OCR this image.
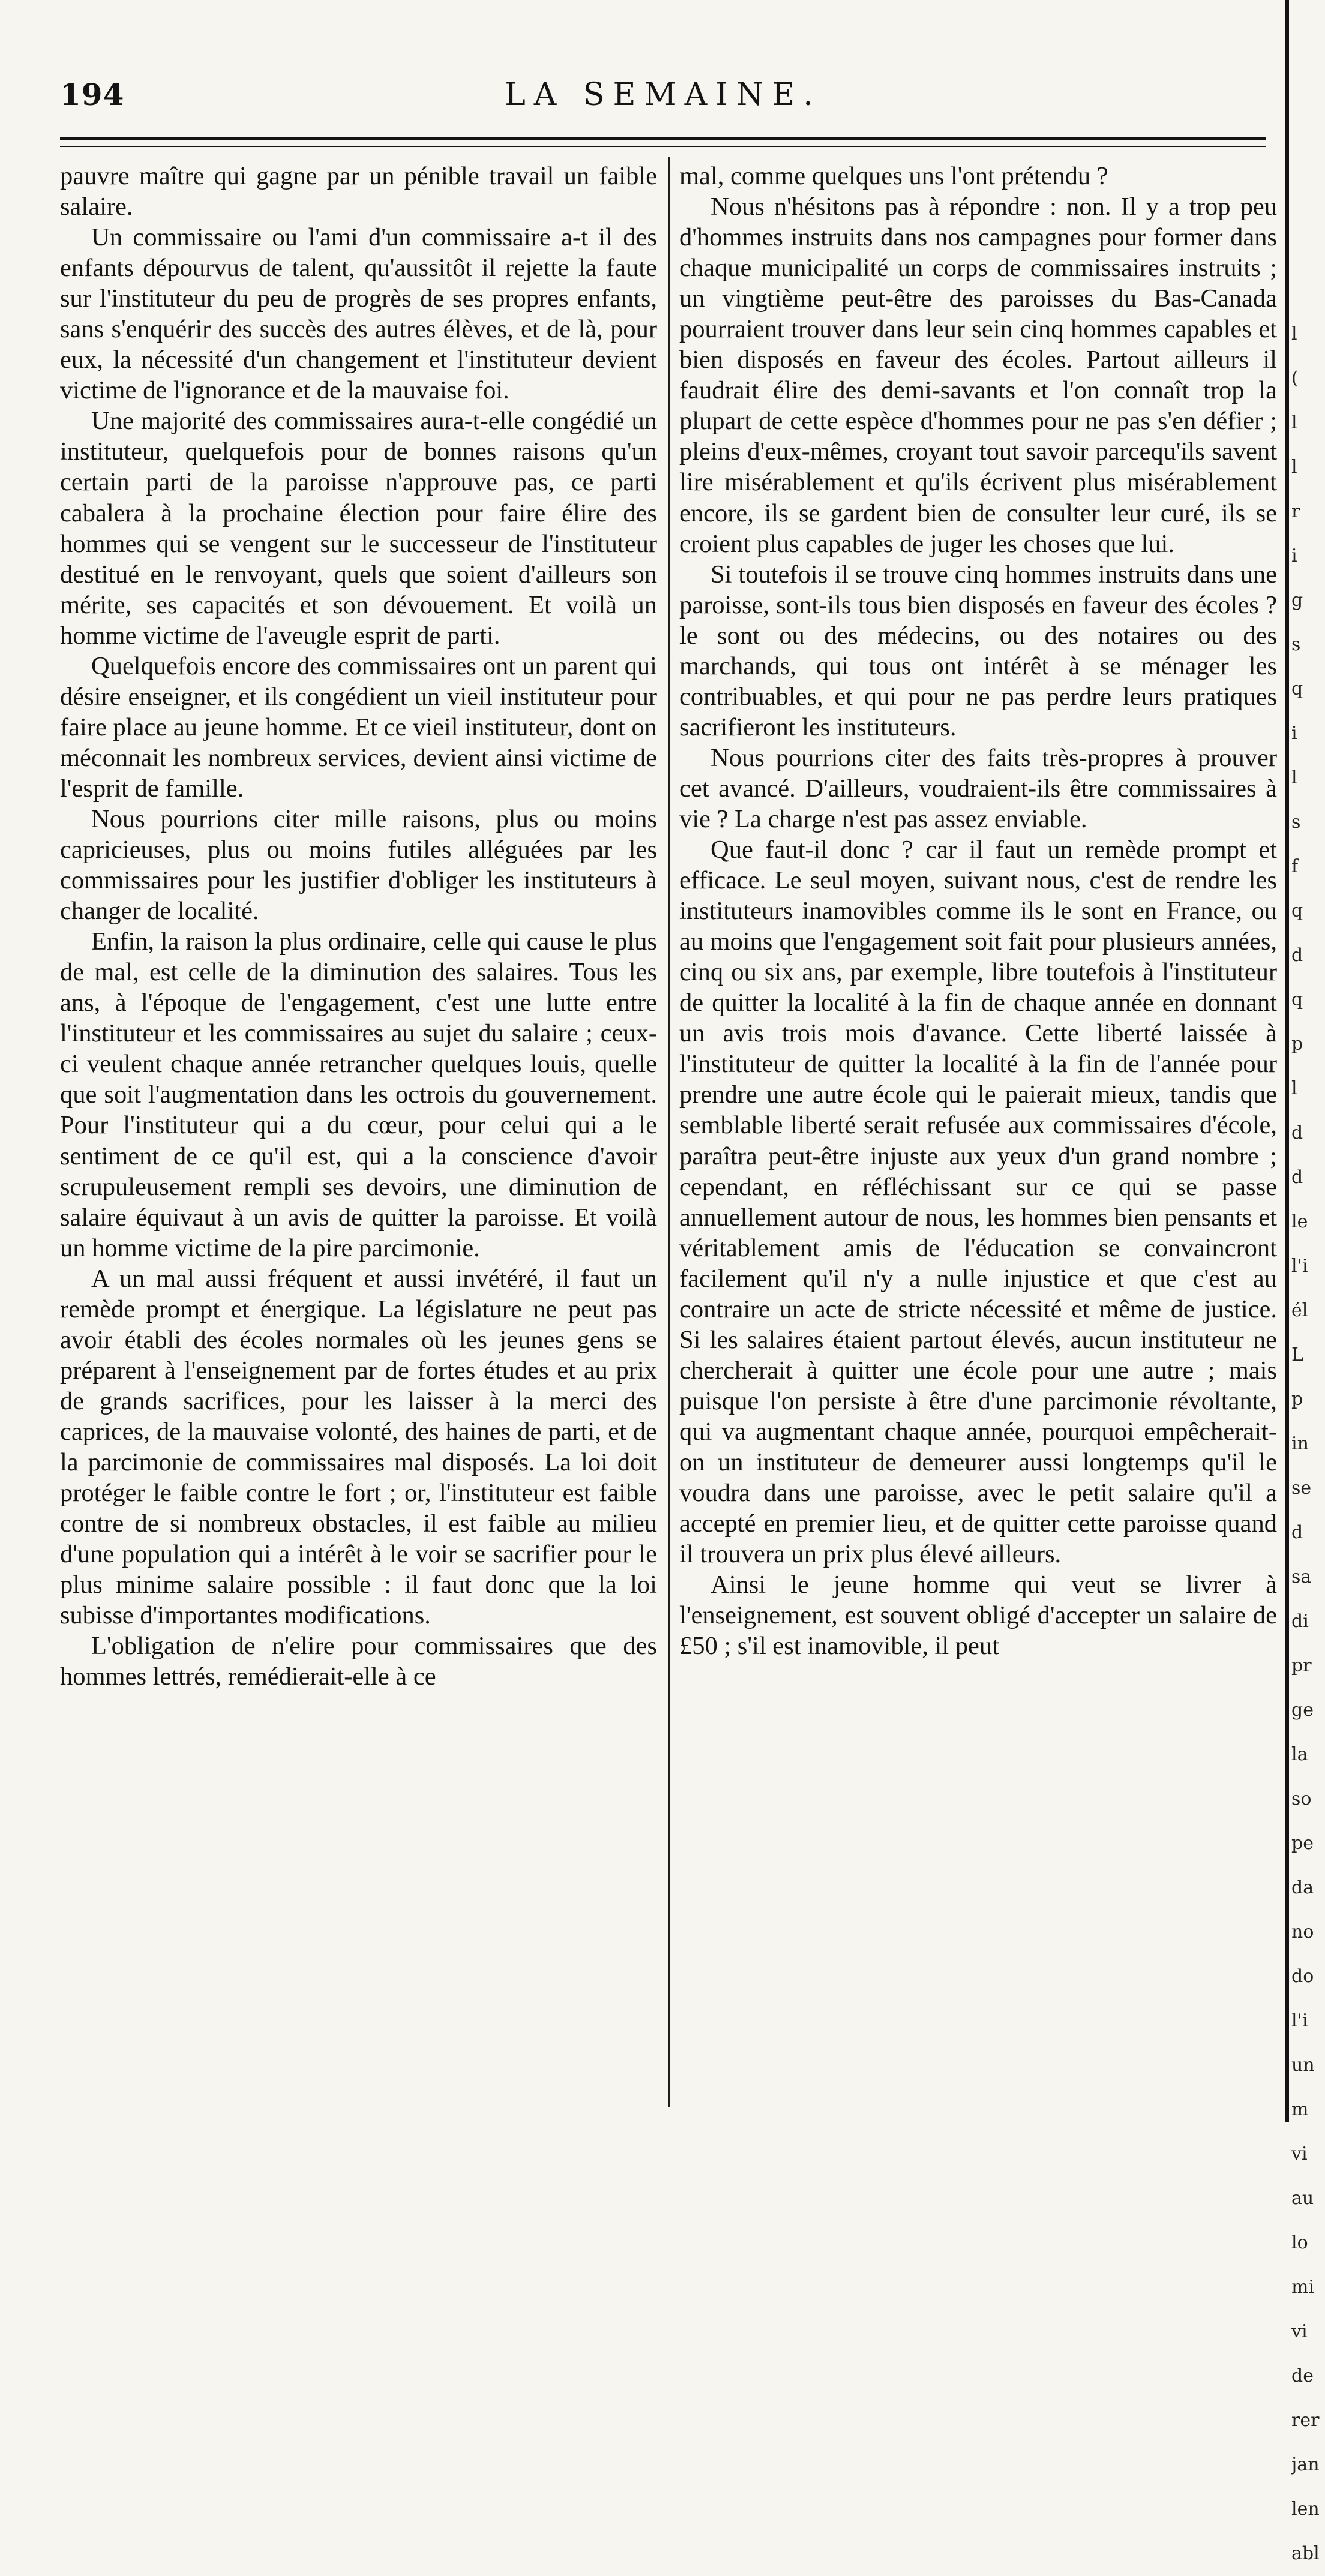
194	LA SEMAINE.

pauvre maître qui gagne par un pénible travail un faible salaire.

Un commissaire ou l'ami d'un commissaire a-t il des enfants dépourvus de talent, qu'aussitôt il rejette la faute sur l'instituteur du peu de progrès de ses propres enfants, sans s'enquérir des succès des autres élèves, et de là, pour eux, la nécessité d'un changement et l'instituteur devient victime de l'ignorance et de la mauvaise foi.

Une majorité des commissaires aura-t-elle congédié un instituteur, quelquefois pour de bonnes raisons qu'un certain parti de la paroisse n'approuve pas, ce parti cabalera à la prochaine élection pour faire élire des hommes qui se vengent sur le successeur de l'instituteur destitué en le renvoyant, quels que soient d'ailleurs son mérite, ses capacités et son dévouement. Et voilà un homme victime de l'aveugle esprit de parti.

Quelquefois encore des commissaires ont un parent qui désire enseigner, et ils congédient un vieil instituteur pour faire place au jeune homme. Et ce vieil instituteur, dont on méconnait les nombreux services, devient ainsi victime de l'esprit de famille.

Nous pourrions citer mille raisons, plus ou moins capricieuses, plus ou moins futiles alléguées par les commissaires pour les justifier d'obliger les instituteurs à changer de localité.

Enfin, la raison la plus ordinaire, celle qui cause le plus de mal, est celle de la diminution des salaires. Tous les ans, à l'époque de l'engagement, c'est une lutte entre l'instituteur et les commissaires au sujet du salaire ; ceux-ci veulent chaque année retrancher quelques louis, quelle que soit l'augmentation dans les octrois du gouvernement. Pour l'instituteur qui a du cœur, pour celui qui a le sentiment de ce qu'il est, qui a la conscience d'avoir scrupuleusement rempli ses devoirs, une diminution de salaire équivaut à un avis de quitter la paroisse. Et voilà un homme victime de la pire parcimonie.

A un mal aussi fréquent et aussi invétéré, il faut un remède prompt et énergique. La législature ne peut pas avoir établi des écoles normales où les jeunes gens se préparent à l'enseignement par de fortes études et au prix de grands sacrifices, pour les laisser à la merci des caprices, de la mauvaise volonté, des haines de parti, et de la parcimonie de commissaires mal disposés. La loi doit protéger le faible contre le fort ; or, l'instituteur est faible contre de si nombreux obstacles, il est faible au milieu d'une population qui a intérêt à le voir se sacrifier pour le plus minime salaire possible : il faut donc que la loi subisse d'importantes modifications.

L'obligation de n'elire pour commissaires que des hommes lettrés, remédierait-elle à ce

mal, comme quelques uns l'ont prétendu ?

Nous n'hésitons pas à répondre : non. Il y a trop peu d'hommes instruits dans nos campagnes pour former dans chaque municipalité un corps de commissaires instruits ; un vingtième peut-être des paroisses du Bas-Canada pourraient trouver dans leur sein cinq hommes capables et bien disposés en faveur des écoles. Partout ailleurs il faudrait élire des demi-savants et l'on connaît trop la plupart de cette espèce d'hommes pour ne pas s'en défier ; pleins d'eux-mêmes, croyant tout savoir parcequ'ils savent lire misérablement et qu'ils écrivent plus misérablement encore, ils se gardent bien de consulter leur curé, ils se croient plus capables de juger les choses que lui.

Si toutefois il se trouve cinq hommes instruits dans une paroisse, sont-ils tous bien disposés en faveur des écoles ? le sont ou des médecins, ou des notaires ou des marchands, qui tous ont intérêt à se ménager les contribuables, et qui pour ne pas perdre leurs pratiques sacrifieront les instituteurs.

Nous pourrions citer des faits très-propres à prouver cet avancé. D'ailleurs, voudraient-ils être commissaires à vie ? La charge n'est pas assez enviable.

Que faut-il donc ? car il faut un remède prompt et efficace. Le seul moyen, suivant nous, c'est de rendre les instituteurs inamovibles comme ils le sont en France, ou au moins que l'engagement soit fait pour plusieurs années, cinq ou six ans, par exemple, libre toutefois à l'instituteur de quitter la localité à la fin de chaque année en donnant un avis trois mois d'avance. Cette liberté laissée à l'instituteur de quitter la localité à la fin de l'année pour prendre une autre école qui le paierait mieux, tandis que semblable liberté serait refusée aux commissaires d'école, paraîtra peut-être injuste aux yeux d'un grand nombre ; cependant, en réfléchissant sur ce qui se passe annuellement autour de nous, les hommes bien pensants et véritablement amis de l'éducation se convaincront facilement qu'il n'y a nulle injustice et que c'est au contraire un acte de stricte nécessité et même de justice. Si les salaires étaient partout élevés, aucun instituteur ne chercherait à quitter une école pour une autre ; mais puisque l'on persiste à être d'une parcimonie révoltante, qui va augmentant chaque année, pourquoi empêcherait-on un instituteur de demeurer aussi longtemps qu'il le voudra dans une paroisse, avec le petit salaire qu'il a accepté en premier lieu, et de quitter cette paroisse quand il trouvera un prix plus élevé ailleurs.

Ainsi le jeune homme qui veut se livrer à l'enseignement, est souvent obligé d'accepter un salaire de £50 ; s'il est inamovible, il peut

l
(
l
l
r
i
g
s
q
i
l
s
f
q
d
q
p
l
d
d
le
l'i
él
L
p
in
se
d
sa
di
pr
ge
la
so
pe
da
no
do
l'i
un
m
vi
au
lo
mi
vi
de
rer
jan
len
abl
